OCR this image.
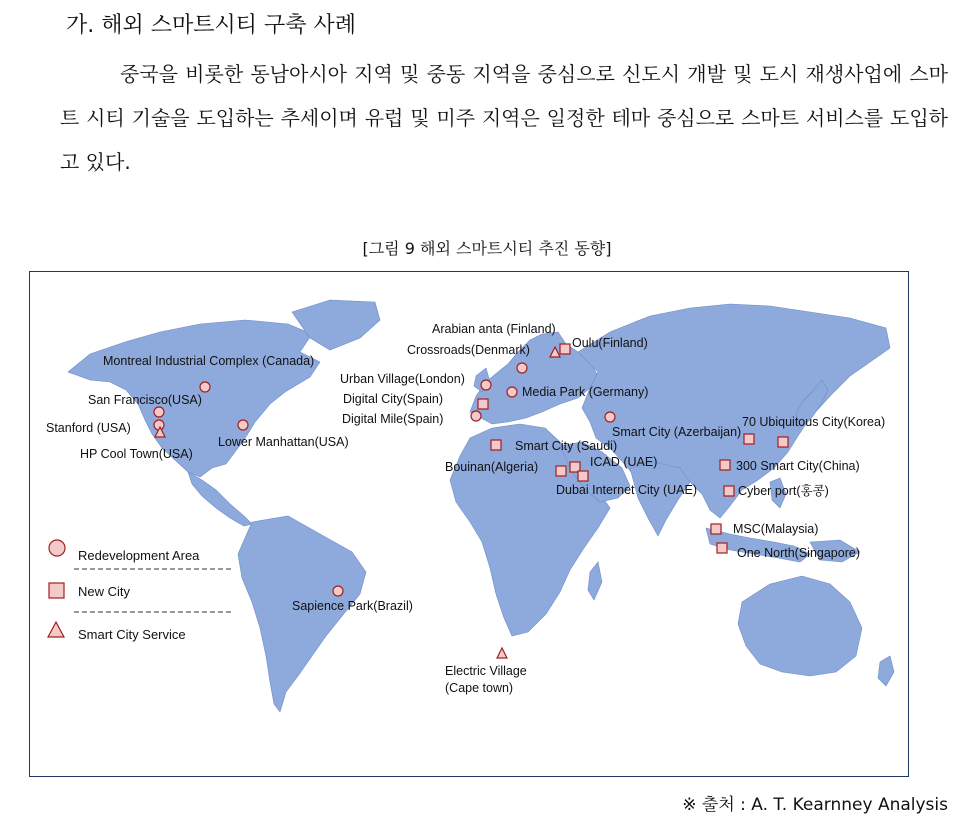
가. 해외 스마트시티 구축 사례
중국을 비롯한 동남아시아 지역 및 중동 지역을 중심으로 신도시 개발 및 도시 재생사업에 스마트 시티 기술을 도입하는 추세이며 유럽 및 미주 지역은 일정한 테마 중심으로 스마트 서비스를 도입하고 있다.
[그림 9 해외 스마트시티 추진 동향]
Montreal Industrial Complex (Canada)
San Francisco(USA)
Stanford (USA)
HP Cool Town(USA)
Lower Manhattan(USA)
Arabian anta (Finland)
Crossroads(Denmark)	Oulu(Finland)
Urban Village(London)
Media Park (Germany)
Digital City(Spain)
Digital Mile(Spain)
Smart City (Saudi)
Smart City (Azerbaijan)
Bouinan(Algeria)	ICAD (UAE)
Dubai Internet City (UAE)
70 Ubiquitous City(Korea)
300 Smart City(China)
Cyber port(홍콩)
MSC(Malaysia)
One North(Singapore)
Sapience Park(Brazil)
Electric Village
(Cape town)
Redevelopment Area
New City
Smart City Service
※ 출처 : A. T. Kearnney Analysis
